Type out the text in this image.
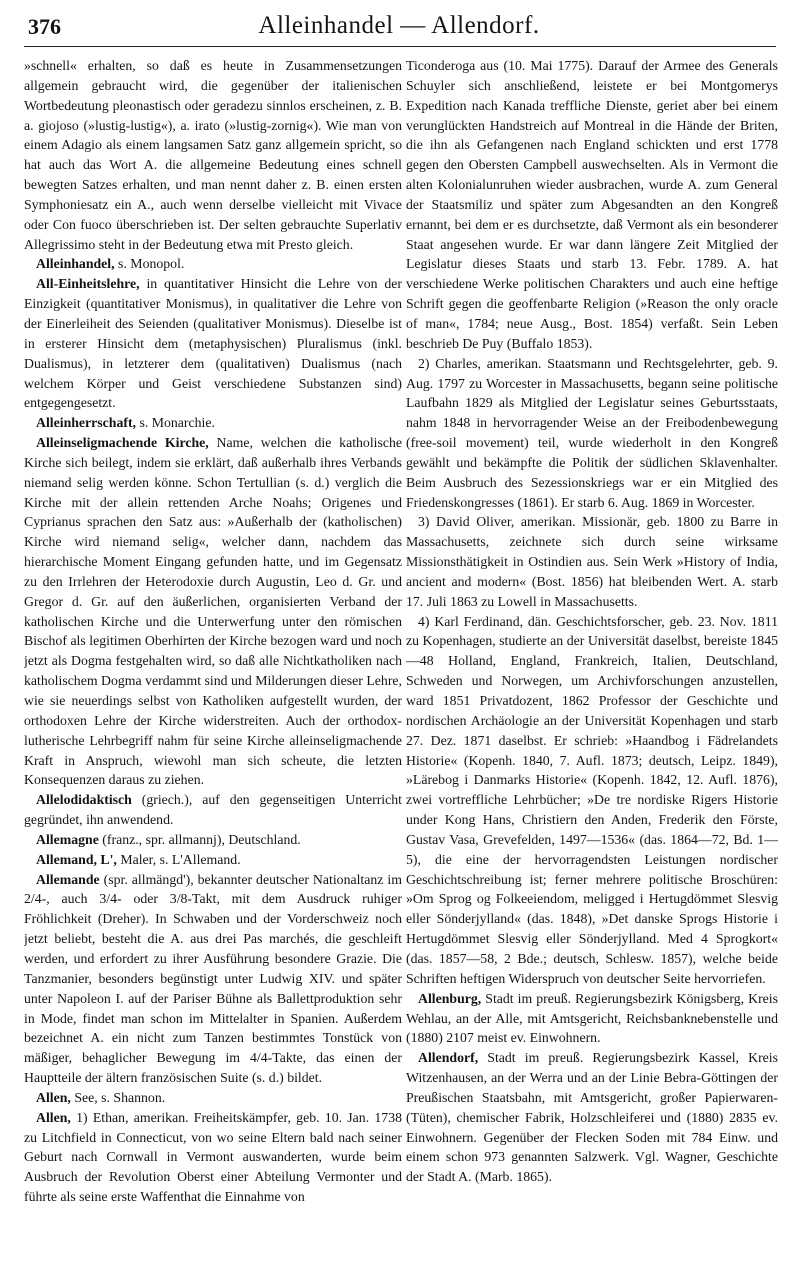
376	Alleinhandel — Allendorf.

»schnell« erhalten, so daß es heute in Zusammensetzungen allgemein gebraucht wird, die gegenüber der italienischen Wortbedeutung pleonastisch oder geradezu sinnlos erscheinen, z. B. a. giojoso (»lustig-lustig«), a. irato (»lustig-zornig«). Wie man von einem Adagio als einem langsamen Satz ganz allgemein spricht, so hat auch das Wort A. die allgemeine Bedeutung eines schnell bewegten Satzes erhalten, und man nennt daher z. B. einen ersten Symphoniesatz ein A., auch wenn derselbe vielleicht mit Vivace oder Con fuoco überschrieben ist. Der selten gebrauchte Superlativ Allegrissimo steht in der Bedeutung etwa mit Presto gleich.

Alleinhandel, s. Monopol.

All-Einheitslehre, in quantitativer Hinsicht die Lehre von der Einzigkeit (quantitativer Monismus), in qualitativer die Lehre von der Einerleiheit des Seienden (qualitativer Monismus). Dieselbe ist in ersterer Hinsicht dem (metaphysischen) Pluralismus (inkl. Dualismus), in letzterer dem (qualitativen) Dualismus (nach welchem Körper und Geist verschiedene Substanzen sind) entgegengesetzt.

Alleinherrschaft, s. Monarchie.

Alleinseligmachende Kirche, Name, welchen die katholische Kirche sich beilegt, indem sie erklärt, daß außerhalb ihres Verbands niemand selig werden könne. Schon Tertullian (s. d.) verglich die Kirche mit der allein rettenden Arche Noahs; Origenes und Cyprianus sprachen den Satz aus: »Außerhalb der (katholischen) Kirche wird niemand selig«, welcher dann, nachdem das hierarchische Moment Eingang gefunden hatte, und im Gegensatz zu den Irrlehren der Heterodoxie durch Augustin, Leo d. Gr. und Gregor d. Gr. auf den äußerlichen, organisierten Verband der katholischen Kirche und die Unterwerfung unter den römischen Bischof als legitimen Oberhirten der Kirche bezogen ward und noch jetzt als Dogma festgehalten wird, so daß alle Nichtkatholiken nach katholischem Dogma verdammt sind und Milderungen dieser Lehre, wie sie neuerdings selbst von Katholiken aufgestellt wurden, der orthodoxen Lehre der Kirche widerstreiten. Auch der orthodox-lutherische Lehrbegriff nahm für seine Kirche alleinseligmachende Kraft in Anspruch, wiewohl man sich scheute, die letzten Konsequenzen daraus zu ziehen.

Allelodidaktisch (griech.), auf den gegenseitigen Unterricht gegründet, ihn anwendend.

Allemagne (franz., spr. allmannj), Deutschland.

Allemand, L', Maler, s. L'Allemand.

Allemande (spr. allmängd'), bekannter deutscher Nationaltanz im 2/4-, auch 3/4- oder 3/8-Takt, mit dem Ausdruck ruhiger Fröhlichkeit (Dreher). In Schwaben und der Vorderschweiz noch jetzt beliebt, besteht die A. aus drei Pas marchés, die geschleift werden, und erfordert zu ihrer Ausführung besondere Grazie. Die Tanzmanier, besonders begünstigt unter Ludwig XIV. und später unter Napoleon I. auf der Pariser Bühne als Ballettproduktion sehr in Mode, findet man schon im Mittelalter in Spanien. Außerdem bezeichnet A. ein nicht zum Tanzen bestimmtes Tonstück von mäßiger, behaglicher Bewegung im 4/4-Takte, das einen der Hauptteile der ältern französischen Suite (s. d.) bildet.

Allen, See, s. Shannon.

Allen, 1) Ethan, amerikan. Freiheitskämpfer, geb. 10. Jan. 1738 zu Litchfield in Connecticut, von wo seine Eltern bald nach seiner Geburt nach Cornwall in Vermont auswanderten, wurde beim Ausbruch der Revolution Oberst einer Abteilung Vermonter und führte als seine erste Waffenthat die Einnahme von

Ticonderoga aus (10. Mai 1775). Darauf der Armee des Generals Schuyler sich anschließend, leistete er bei Montgomerys Expedition nach Kanada treffliche Dienste, geriet aber bei einem verunglückten Handstreich auf Montreal in die Hände der Briten, die ihn als Gefangenen nach England schickten und erst 1778 gegen den Obersten Campbell auswechselten. Als in Vermont die alten Kolonialunruhen wieder ausbrachen, wurde A. zum General der Staatsmiliz und später zum Abgesandten an den Kongreß ernannt, bei dem er es durchsetzte, daß Vermont als ein besonderer Staat angesehen wurde. Er war dann längere Zeit Mitglied der Legislatur dieses Staats und starb 13. Febr. 1789. A. hat verschiedene Werke politischen Charakters und auch eine heftige Schrift gegen die geoffenbarte Religion (»Reason the only oracle of man«, 1784; neue Ausg., Bost. 1854) verfaßt. Sein Leben beschrieb De Puy (Buffalo 1853).

2) Charles, amerikan. Staatsmann und Rechtsgelehrter, geb. 9. Aug. 1797 zu Worcester in Massachusetts, begann seine politische Laufbahn 1829 als Mitglied der Legislatur seines Geburtsstaats, nahm 1848 in hervorragender Weise an der Freibodenbewegung (free-soil movement) teil, wurde wiederholt in den Kongreß gewählt und bekämpfte die Politik der südlichen Sklavenhalter. Beim Ausbruch des Sezessionskriegs war er ein Mitglied des Friedenskongresses (1861). Er starb 6. Aug. 1869 in Worcester.

3) David Oliver, amerikan. Missionär, geb. 1800 zu Barre in Massachusetts, zeichnete sich durch seine wirksame Missionsthätigkeit in Ostindien aus. Sein Werk »History of India, ancient and modern« (Bost. 1856) hat bleibenden Wert. A. starb 17. Juli 1863 zu Lowell in Massachusetts.

4) Karl Ferdinand, dän. Geschichtsforscher, geb. 23. Nov. 1811 zu Kopenhagen, studierte an der Universität daselbst, bereiste 1845—48 Holland, England, Frankreich, Italien, Deutschland, Schweden und Norwegen, um Archivforschungen anzustellen, ward 1851 Privatdozent, 1862 Professor der Geschichte und nordischen Archäologie an der Universität Kopenhagen und starb 27. Dez. 1871 daselbst. Er schrieb: »Haandbog i Fädrelandets Historie« (Kopenh. 1840, 7. Aufl. 1873; deutsch, Leipz. 1849), »Lärebog i Danmarks Historie« (Kopenh. 1842, 12. Aufl. 1876), zwei vortreffliche Lehrbücher; »De tre nordiske Rigers Historie under Kong Hans, Christiern den Anden, Frederik den Förste, Gustav Vasa, Grevefelden, 1497—1536« (das. 1864—72, Bd. 1—5), die eine der hervorragendsten Leistungen nordischer Geschichtschreibung ist; ferner mehrere politische Broschüren: »Om Sprog og Folkeeiendom, meligged i Hertugdömmet Slesvig eller Sönderjylland« (das. 1848), »Det danske Sprogs Historie i Hertugdömmet Slesvig eller Sönderjylland. Med 4 Sprogkort« (das. 1857—58, 2 Bde.; deutsch, Schlesw. 1857), welche beide Schriften heftigen Widerspruch von deutscher Seite hervorriefen.

Allenburg, Stadt im preuß. Regierungsbezirk Königsberg, Kreis Wehlau, an der Alle, mit Amtsgericht, Reichsbanknebenstelle und (1880) 2107 meist ev. Einwohnern.

Allendorf, Stadt im preuß. Regierungsbezirk Kassel, Kreis Witzenhausen, an der Werra und an der Linie Bebra-Göttingen der Preußischen Staatsbahn, mit Amtsgericht, großer Papierwaren- (Tüten), chemischer Fabrik, Holzschleiferei und (1880) 2835 ev. Einwohnern. Gegenüber der Flecken Soden mit 784 Einw. und einem schon 973 genannten Salzwerk. Vgl. Wagner, Geschichte der Stadt A. (Marb. 1865).
